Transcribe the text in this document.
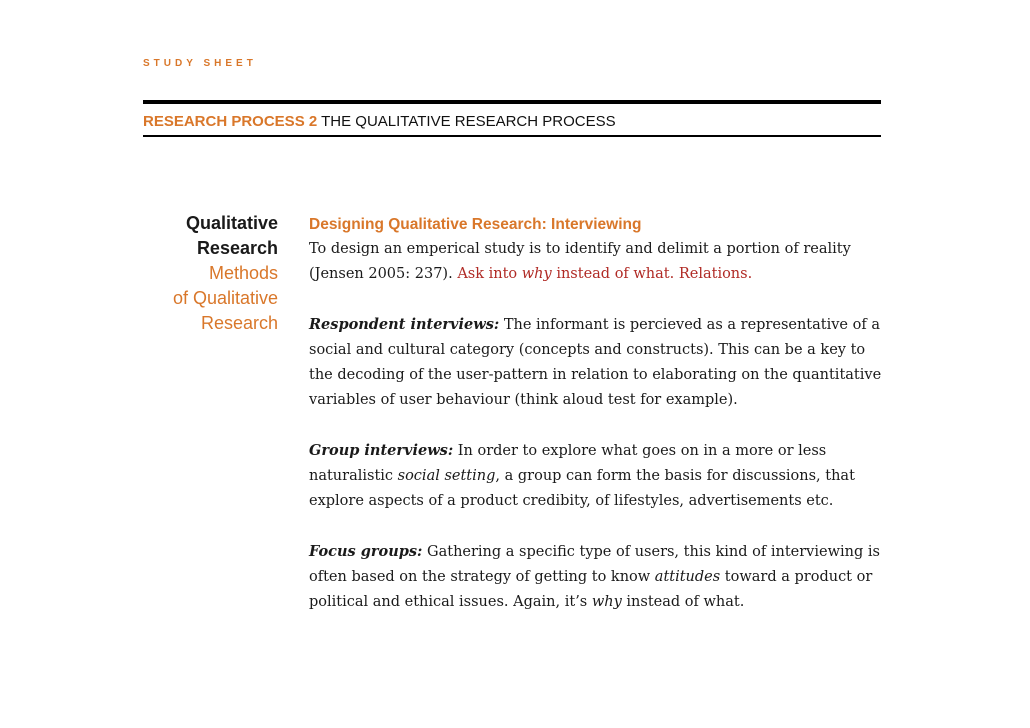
STUDY SHEET
RESEARCH PROCESS 2 THE QUALITATIVE RESEARCH PROCESS
Qualitative
Research
Methods
of Qualitative
Research
Designing Qualitative Research: Interviewing

To design an emperical study is to identify and delimit a portion of reality (Jensen 2005: 237). Ask into why instead of what. Relations.

Respondent interviews: The informant is percieved as a representative of a social and cultural category (concepts and constructs). This can be a key to the decoding of the user-pattern in relation to elaborating on the quantitative variables of user behaviour (think aloud test for example).

Group interviews: In order to explore what goes on in a more or less naturalistic social setting, a group can form the basis for discussions, that explore aspects of a product credibity, of lifestyles, advertisements etc.

Focus groups: Gathering a specific type of users, this kind of interviewing is often based on the strategy of getting to know attitudes toward a product or political and ethical issues. Again, it’s why instead of what.
